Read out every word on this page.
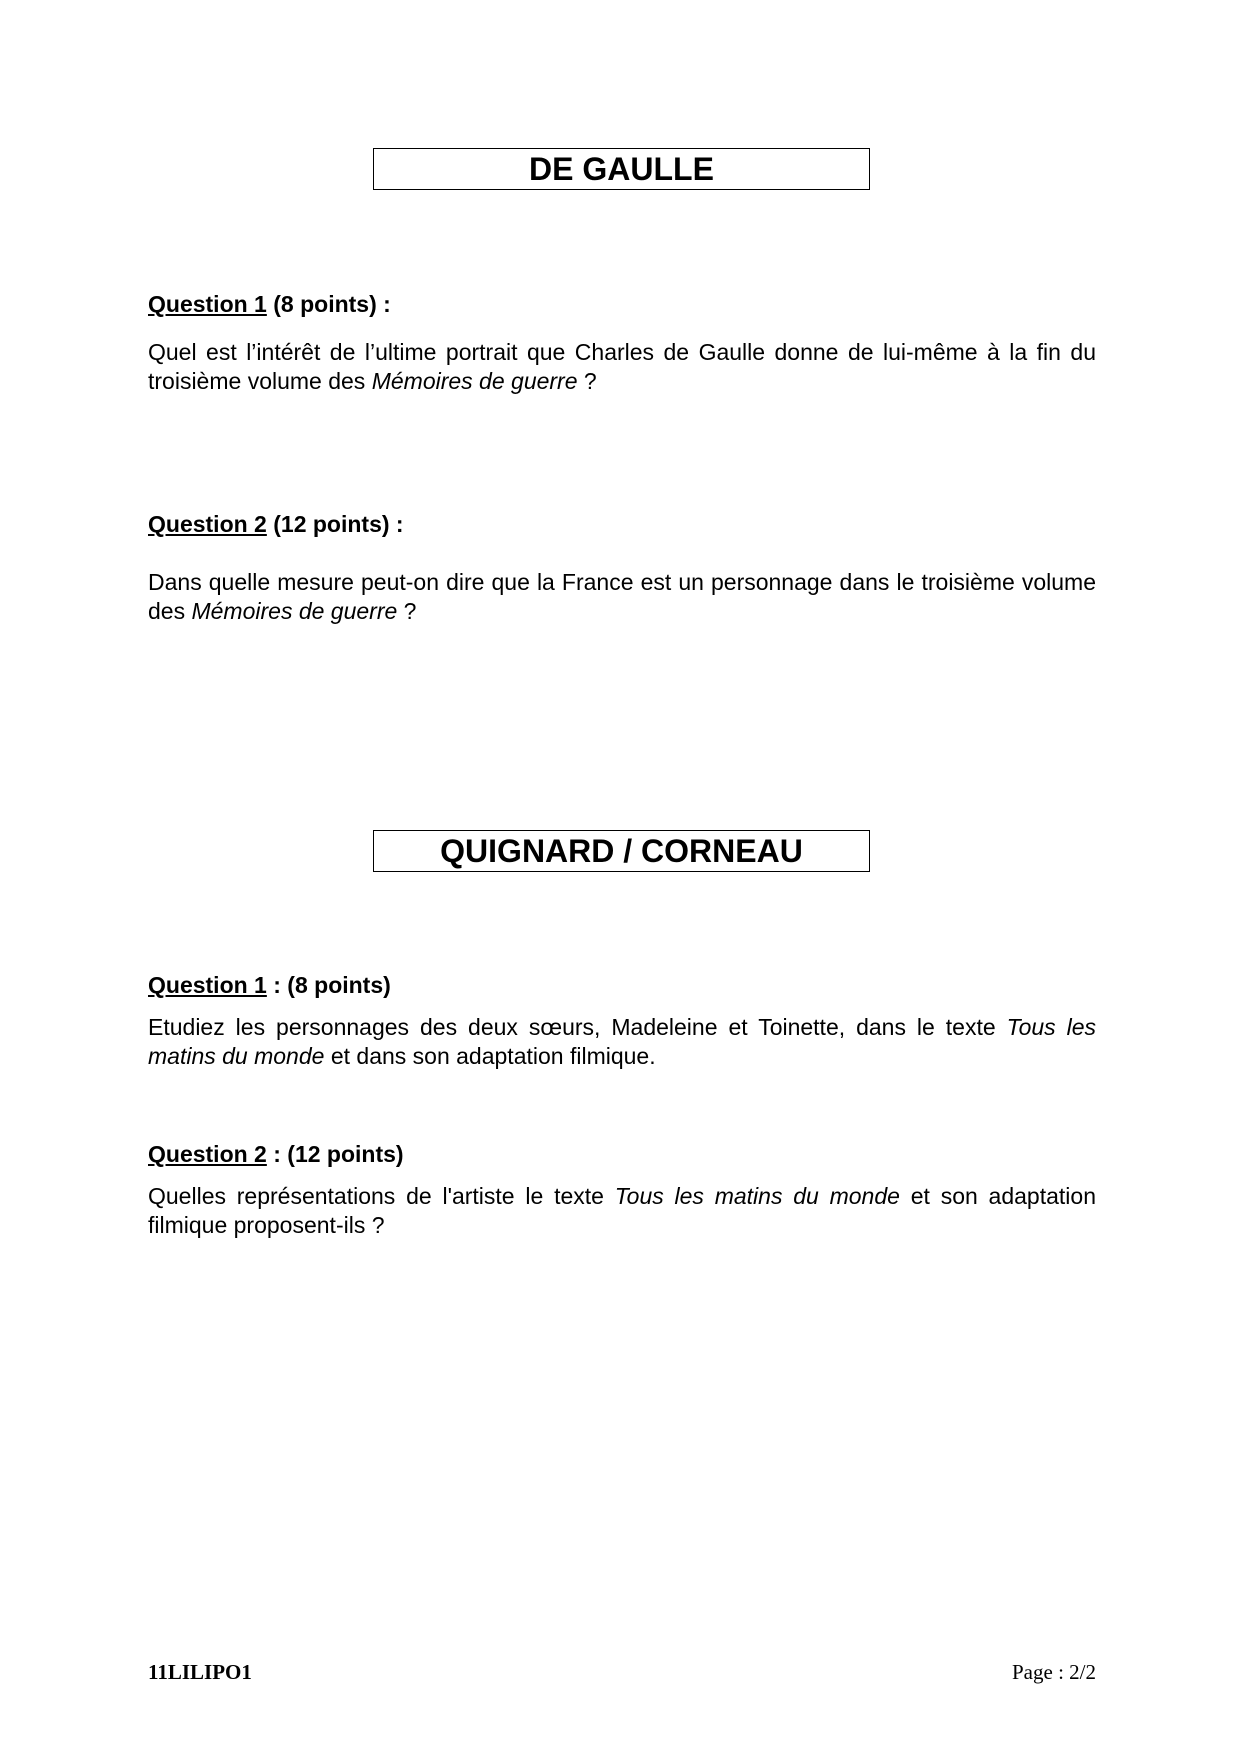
DE GAULLE
Question 1 (8 points) :
Quel est l’intérêt de l’ultime portrait que Charles de Gaulle donne de lui-même à la fin du troisième volume des Mémoires de guerre ?
Question 2 (12 points) :
Dans quelle mesure peut-on dire que la France est un personnage dans le troisième volume des Mémoires de guerre ?
QUIGNARD / CORNEAU
Question 1 : (8 points)
Etudiez les personnages des deux sœurs, Madeleine et Toinette, dans le texte Tous les matins du monde et dans son adaptation filmique.
Question 2 : (12 points)
Quelles représentations de l'artiste le texte Tous les matins du monde et son adaptation filmique proposent-ils ?
11LILIPO1	Page : 2/2
